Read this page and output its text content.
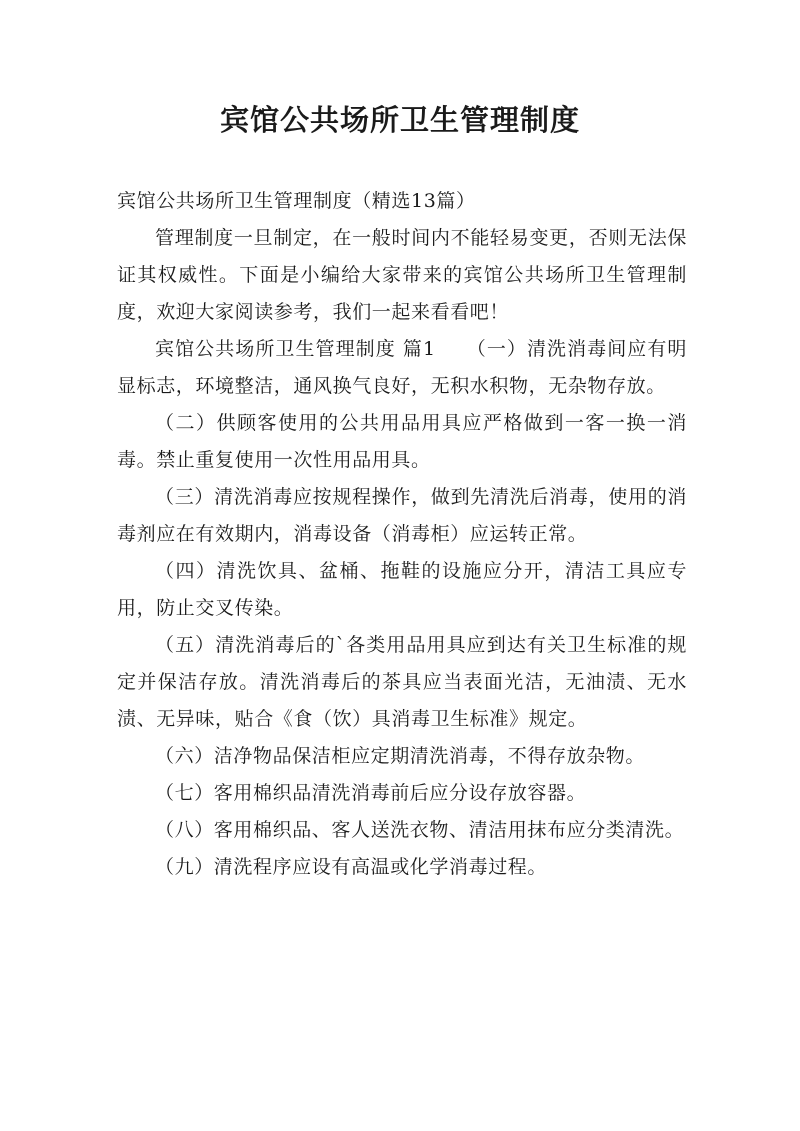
宾馆公共场所卫生管理制度

宾馆公共场所卫生管理制度（精选13篇）

管理制度一旦制定，在一般时间内不能轻易变更，否则无法保证其权威性。下面是小编给大家带来的宾馆公共场所卫生管理制度，欢迎大家阅读参考，我们一起来看看吧！

宾馆公共场所卫生管理制度 篇1　　 （一）清洗消毒间应有明显标志，环境整洁，通风换气良好，无积水积物，无杂物存放。

（二）供顾客使用的公共用品用具应严格做到一客一换一消毒。禁止重复使用一次性用品用具。

（三）清洗消毒应按规程操作，做到先清洗后消毒，使用的消毒剂应在有效期内，消毒设备（消毒柜）应运转正常。

（四）清洗饮具、盆桶、拖鞋的设施应分开，清洁工具应专用，防止交叉传染。

（五）清洗消毒后的`各类用品用具应到达有关卫生标准的规定并保洁存放。清洗消毒后的茶具应当表面光洁，无油渍、无水渍、无异味，贴合《食（饮）具消毒卫生标准》规定。

（六）洁净物品保洁柜应定期清洗消毒，不得存放杂物。

（七）客用棉织品清洗消毒前后应分设存放容器。

（八）客用棉织品、客人送洗衣物、清洁用抹布应分类清洗。

（九）清洗程序应设有高温或化学消毒过程。
